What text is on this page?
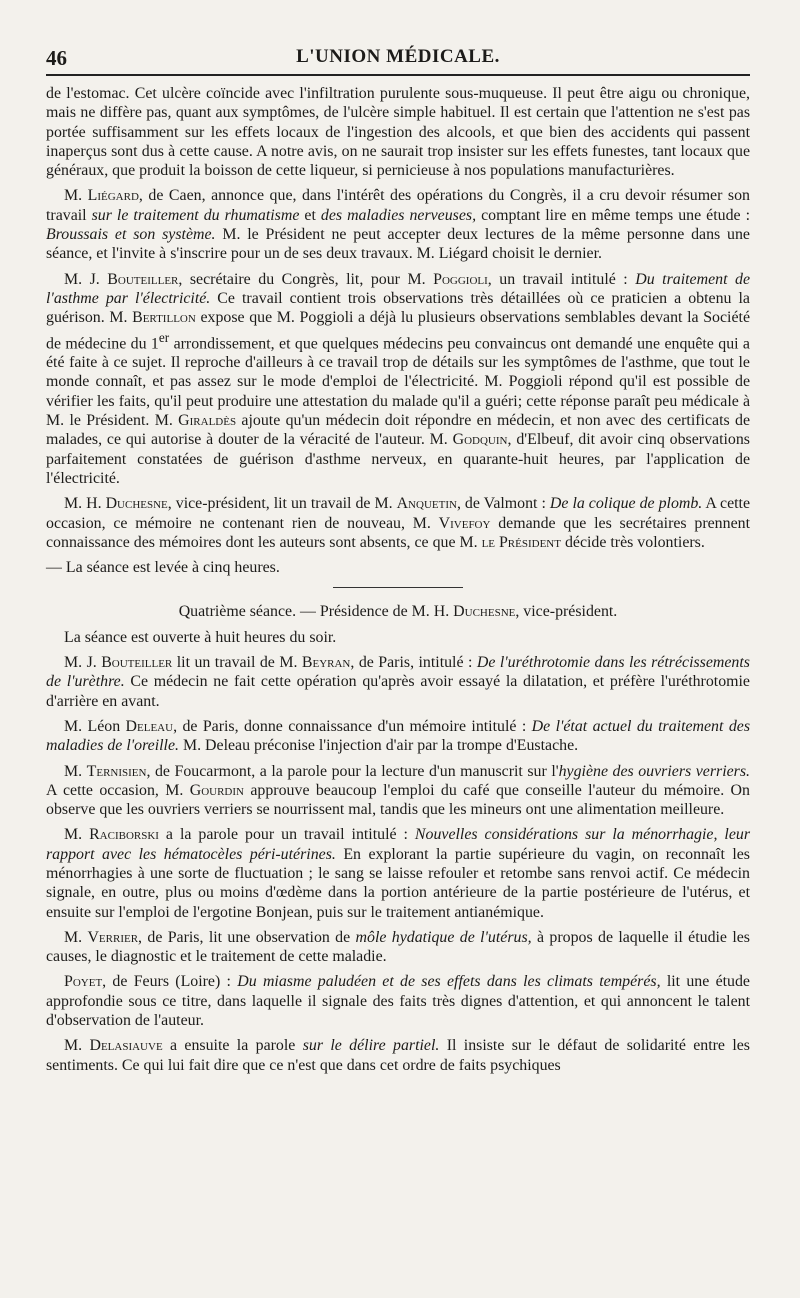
46	L'UNION MÉDICALE.

de l'estomac. Cet ulcère coïncide avec l'infiltration purulente sous-muqueuse. Il peut être aigu ou chronique, mais ne diffère pas, quant aux symptômes, de l'ulcère simple habituel. Il est certain que l'attention ne s'est pas portée suffisamment sur les effets locaux de l'ingestion des alcools, et que bien des accidents qui passent inaperçus sont dus à cette cause. A notre avis, on ne saurait trop insister sur les effets funestes, tant locaux que généraux, que produit la boisson de cette liqueur, si pernicieuse à nos populations manufacturières.

M. Liégard, de Caen, annonce que, dans l'intérêt des opérations du Congrès, il a cru devoir résumer son travail sur le traitement du rhumatisme et des maladies nerveuses, comptant lire en même temps une étude : Broussais et son système. M. le Président ne peut accepter deux lectures de la même personne dans une séance, et l'invite à s'inscrire pour un de ses deux travaux. M. Liégard choisit le dernier.

M. J. Bouteiller, secrétaire du Congrès, lit, pour M. Poggioli, un travail intitulé : Du traitement de l'asthme par l'électricité. Ce travail contient trois observations très détaillées où ce praticien a obtenu la guérison. M. Bertillon expose que M. Poggioli a déjà lu plusieurs observations semblables devant la Société de médecine du 1er arrondissement, et que quelques médecins peu convaincus ont demandé une enquête qui a été faite à ce sujet. Il reproche d'ailleurs à ce travail trop de détails sur les symptômes de l'asthme, que tout le monde connaît, et pas assez sur le mode d'emploi de l'électricité. M. Poggioli répond qu'il est possible de vérifier les faits, qu'il peut produire une attestation du malade qu'il a guéri; cette réponse paraît peu médicale à M. le Président. M. Giraldès ajoute qu'un médecin doit répondre en médecin, et non avec des certificats de malades, ce qui autorise à douter de la véracité de l'auteur. M. Godquin, d'Elbeuf, dit avoir cinq observations parfaitement constatées de guérison d'asthme nerveux, en quarante-huit heures, par l'application de l'électricité.

M. H. Duchesne, vice-président, lit un travail de M. Anquetin, de Valmont : De la colique de plomb. A cette occasion, ce mémoire ne contenant rien de nouveau, M. Vivefoy demande que les secrétaires prennent connaissance des mémoires dont les auteurs sont absents, ce que M. le Président décide très volontiers.

— La séance est levée à cinq heures.

Quatrième séance. — Présidence de M. H. Duchesne, vice-président.

La séance est ouverte à huit heures du soir.

M. J. Bouteiller lit un travail de M. Beyran, de Paris, intitulé : De l'uréthrotomie dans les rétrécissements de l'urèthre. Ce médecin ne fait cette opération qu'après avoir essayé la dilatation, et préfère l'uréthrotomie d'arrière en avant.

M. Léon Deleau, de Paris, donne connaissance d'un mémoire intitulé : De l'état actuel du traitement des maladies de l'oreille. M. Deleau préconise l'injection d'air par la trompe d'Eustache.

M. Ternisien, de Foucarmont, a la parole pour la lecture d'un manuscrit sur l'hygiène des ouvriers verriers. A cette occasion, M. Gourdin approuve beaucoup l'emploi du café que conseille l'auteur du mémoire. On observe que les ouvriers verriers se nourrissent mal, tandis que les mineurs ont une alimentation meilleure.

M. Raciborski a la parole pour un travail intitulé : Nouvelles considérations sur la ménorrhagie, leur rapport avec les hématocèles péri-utérines. En explorant la partie supérieure du vagin, on reconnaît les ménorrhagies à une sorte de fluctuation ; le sang se laisse refouler et retombe sans renvoi actif. Ce médecin signale, en outre, plus ou moins d'œdème dans la portion antérieure de la partie postérieure de l'utérus, et ensuite sur l'emploi de l'ergotine Bonjean, puis sur le traitement antianémique.

M. Verrier, de Paris, lit une observation de môle hydatique de l'utérus, à propos de laquelle il étudie les causes, le diagnostic et le traitement de cette maladie.

Poyet, de Feurs (Loire) : Du miasme paludéen et de ses effets dans les climats tempérés, lit une étude approfondie sous ce titre, dans laquelle il signale des faits très dignes d'attention, et qui annoncent le talent d'observation de l'auteur.

M. Delasiauve a ensuite la parole sur le délire partiel. Il insiste sur le défaut de solidarité entre les sentiments. Ce qui lui fait dire que ce n'est que dans cet ordre de faits psychiques
